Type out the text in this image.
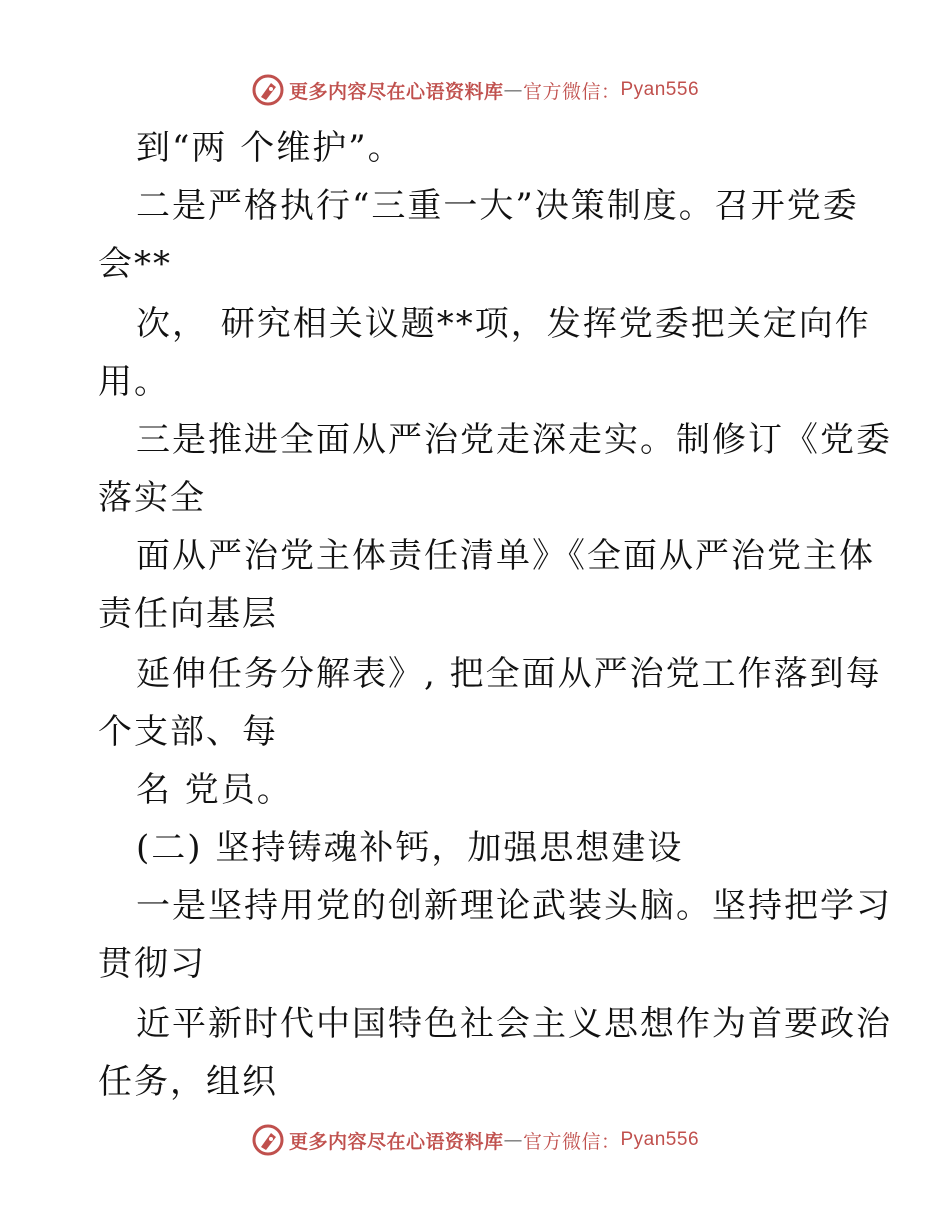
更多内容尽在心语资料库 — 官方微信： Pyan556
到“两 个维护”。
二是严格执行“三重一大”决策制度。召开党委
会**
次， 研究相关议题**项，发挥党委把关定向作
用。
三是推进全面从严治党走深走实。制修订《党委
落实全
面从严治党主体责任清单》《全面从严治党主体
责任向基层
延伸任务分解表》, 把全面从严治党工作落到每
个支部、每
名 党员。
(二) 坚持铸魂补钙，加强思想建设
一是坚持用党的创新理论武装头脑。坚持把学习
贯彻习
近平新时代中国特色社会主义思想作为首要政治
任务，组织
更多内容尽在心语资料库 — 官方微信： Pyan556
